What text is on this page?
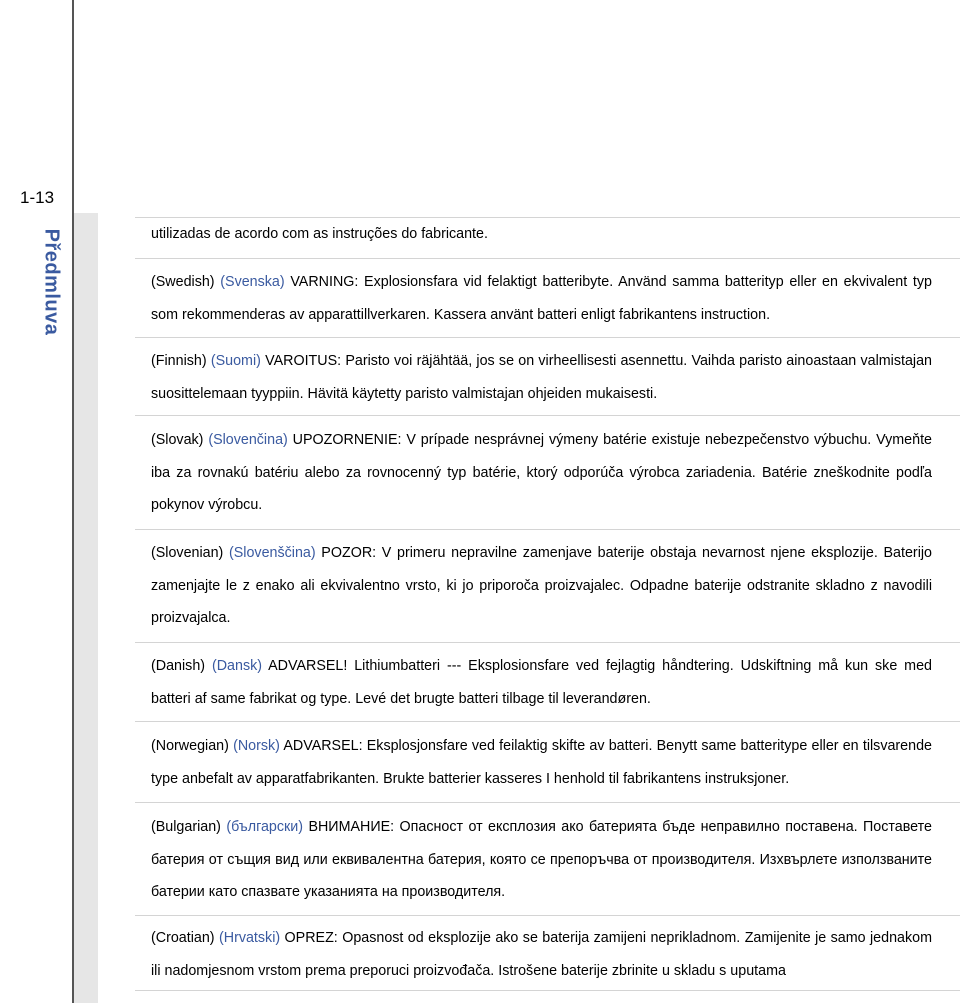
1-13
Předmluva	utilizadas de acordo com as instruções do fabricante.
(Swedish) (Svenska) VARNING: Explosionsfara vid felaktigt batteribyte. Använd samma batterityp eller en ekvivalent typ som rekommenderas av apparattillverkaren. Kassera använt batteri enligt fabrikantens instruction.
(Finnish) (Suomi) VAROITUS: Paristo voi räjähtää, jos se on virheellisesti asennettu. Vaihda paristo ainoastaan valmistajan suosittelemaan tyyppiin. Hävitä käytetty paristo valmistajan ohjeiden mukaisesti.
(Slovak) (Slovenčina) UPOZORNENIE: V prípade nesprávnej výmeny batérie existuje nebezpečenstvo výbuchu. Vymeňte iba za rovnakú batériu alebo za rovnocenný typ batérie, ktorý odporúča výrobca zariadenia. Batérie zneškodnite podľa pokynov výrobcu.
(Slovenian) (Slovenščina) POZOR: V primeru nepravilne zamenjave baterije obstaja nevarnost njene eksplozije. Baterijo zamenjajte le z enako ali ekvivalentno vrsto, ki jo priporoča proizvajalec. Odpadne baterije odstranite skladno z navodili proizvajalca.
(Danish) (Dansk) ADVARSEL! Lithiumbatteri --- Eksplosionsfare ved fejlagtig håndtering. Udskiftning må kun ske med batteri af same fabrikat og type. Levé det brugte batteri tilbage til leverandøren.
(Norwegian) (Norsk) ADVARSEL: Eksplosjonsfare ved feilaktig skifte av batteri. Benytt same batteritype eller en tilsvarende type anbefalt av apparatfabrikanten. Brukte batterier kasseres I henhold til fabrikantens instruksjoner.
(Bulgarian) (български) ВНИМАНИЕ: Опасност от експлозия ако батерията бъде неправилно поставена. Поставете батерия от същия вид или еквивалентна батерия, която се препоръчва от производителя. Изхвърлете използваните батерии като спазвате указанията на производителя.
(Croatian) (Hrvatski) OPREZ: Opasnost od eksplozije ako se baterija zamijeni neprikladnom. Zamijenite je samo jednakom ili nadomjesnom vrstom prema preporuci proizvođača. Istrošene baterije zbrinite u skladu s uputama
